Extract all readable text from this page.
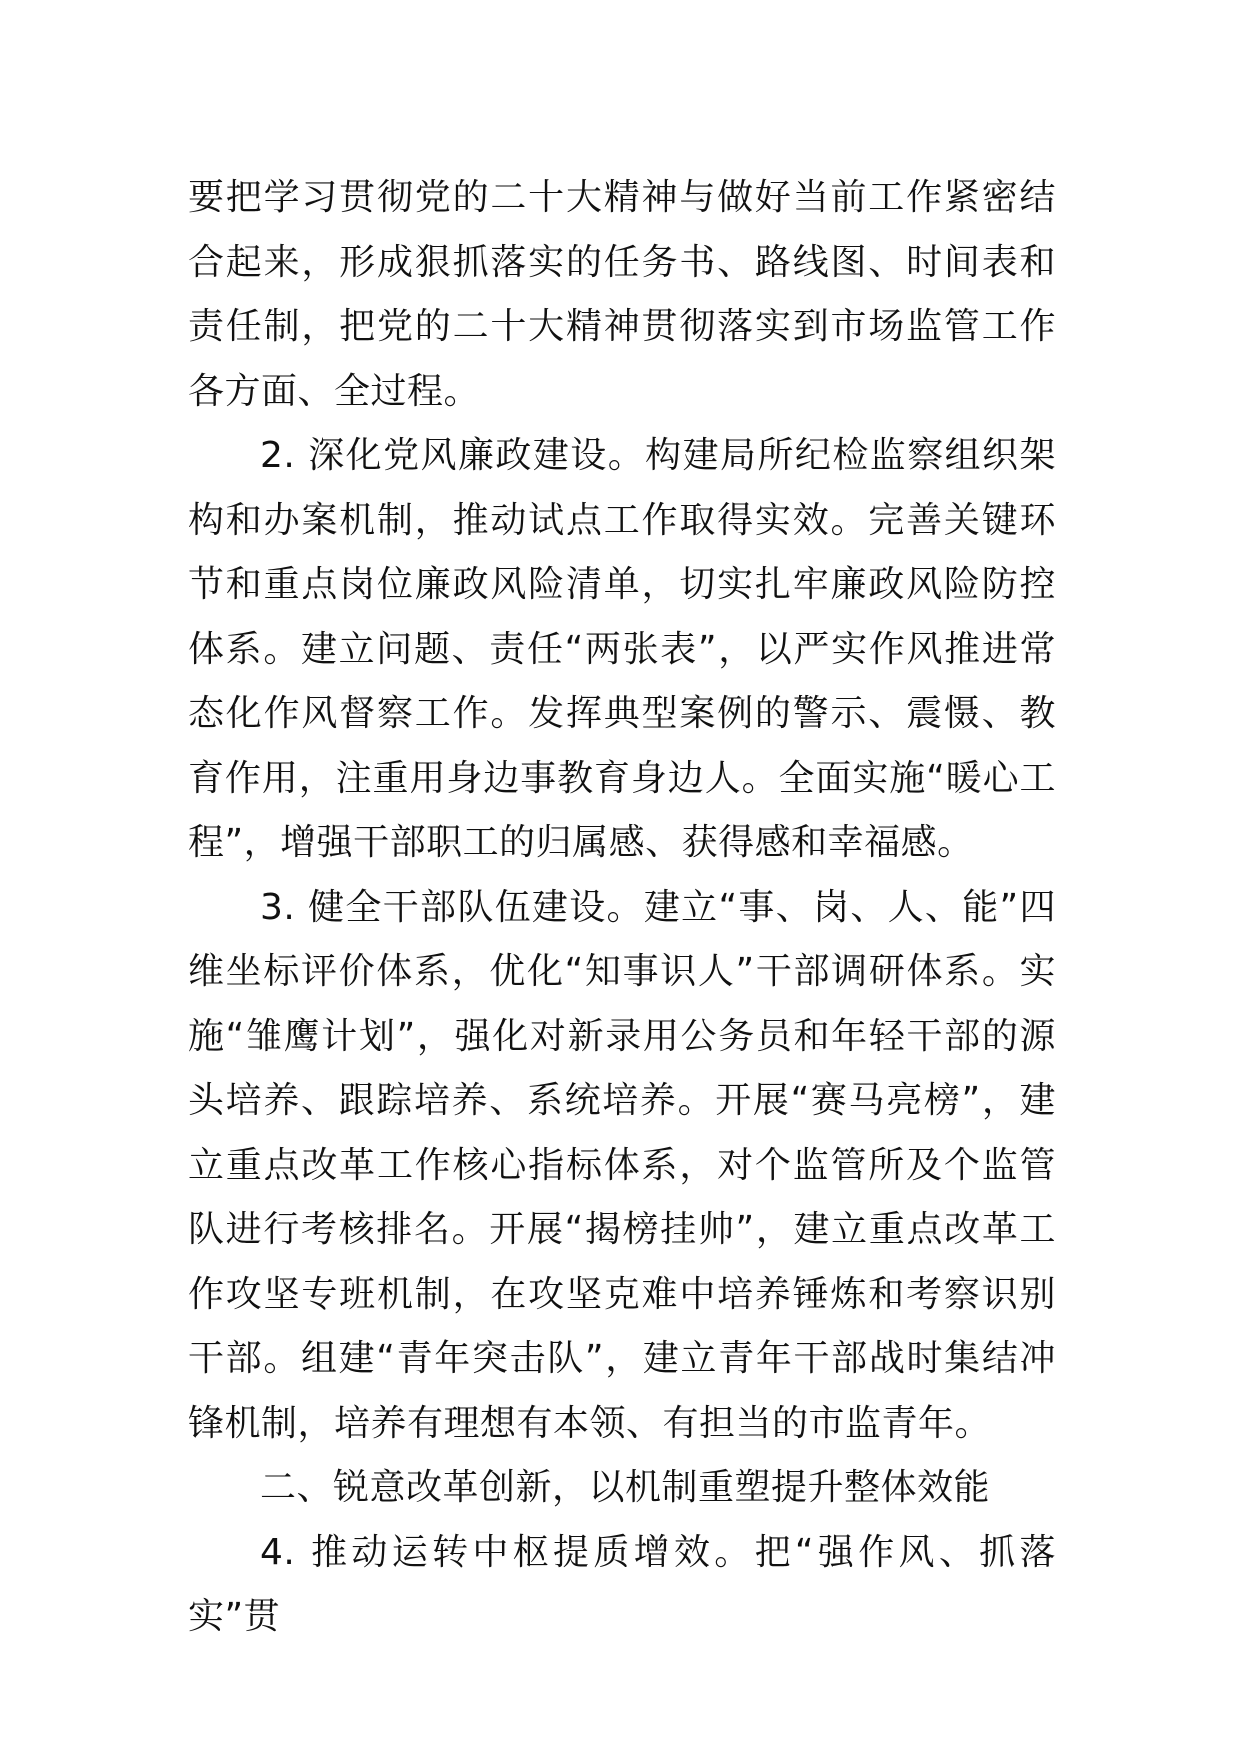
要把学习贯彻党的二十大精神与做好当前工作紧密结合起来，形成狠抓落实的任务书、路线图、时间表和责任制，把党的二十大精神贯彻落实到市场监管工作各方面、全过程。

2. 深化党风廉政建设。构建局所纪检监察组织架构和办案机制，推动试点工作取得实效。完善关键环节和重点岗位廉政风险清单，切实扎牢廉政风险防控体系。建立问题、责任“两张表”，以严实作风推进常态化作风督察工作。发挥典型案例的警示、震慑、教育作用，注重用身边事教育身边人。全面实施“暖心工程”，增强干部职工的归属感、获得感和幸福感。

3. 健全干部队伍建设。建立“事、岗、人、能”四维坐标评价体系，优化“知事识人”干部调研体系。实施“雏鹰计划”，强化对新录用公务员和年轻干部的源头培养、跟踪培养、系统培养。开展“赛马亮榜”，建立重点改革工作核心指标体系，对个监管所及个监管队进行考核排名。开展“揭榜挂帅”，建立重点改革工作攻坚专班机制，在攻坚克难中培养锤炼和考察识别干部。组建“青年突击队”，建立青年干部战时集结冲锋机制，培养有理想有本领、有担当的市监青年。

二、锐意改革创新，以机制重塑提升整体效能

4. 推动运转中枢提质增效。把“强作风、抓落实”贯
